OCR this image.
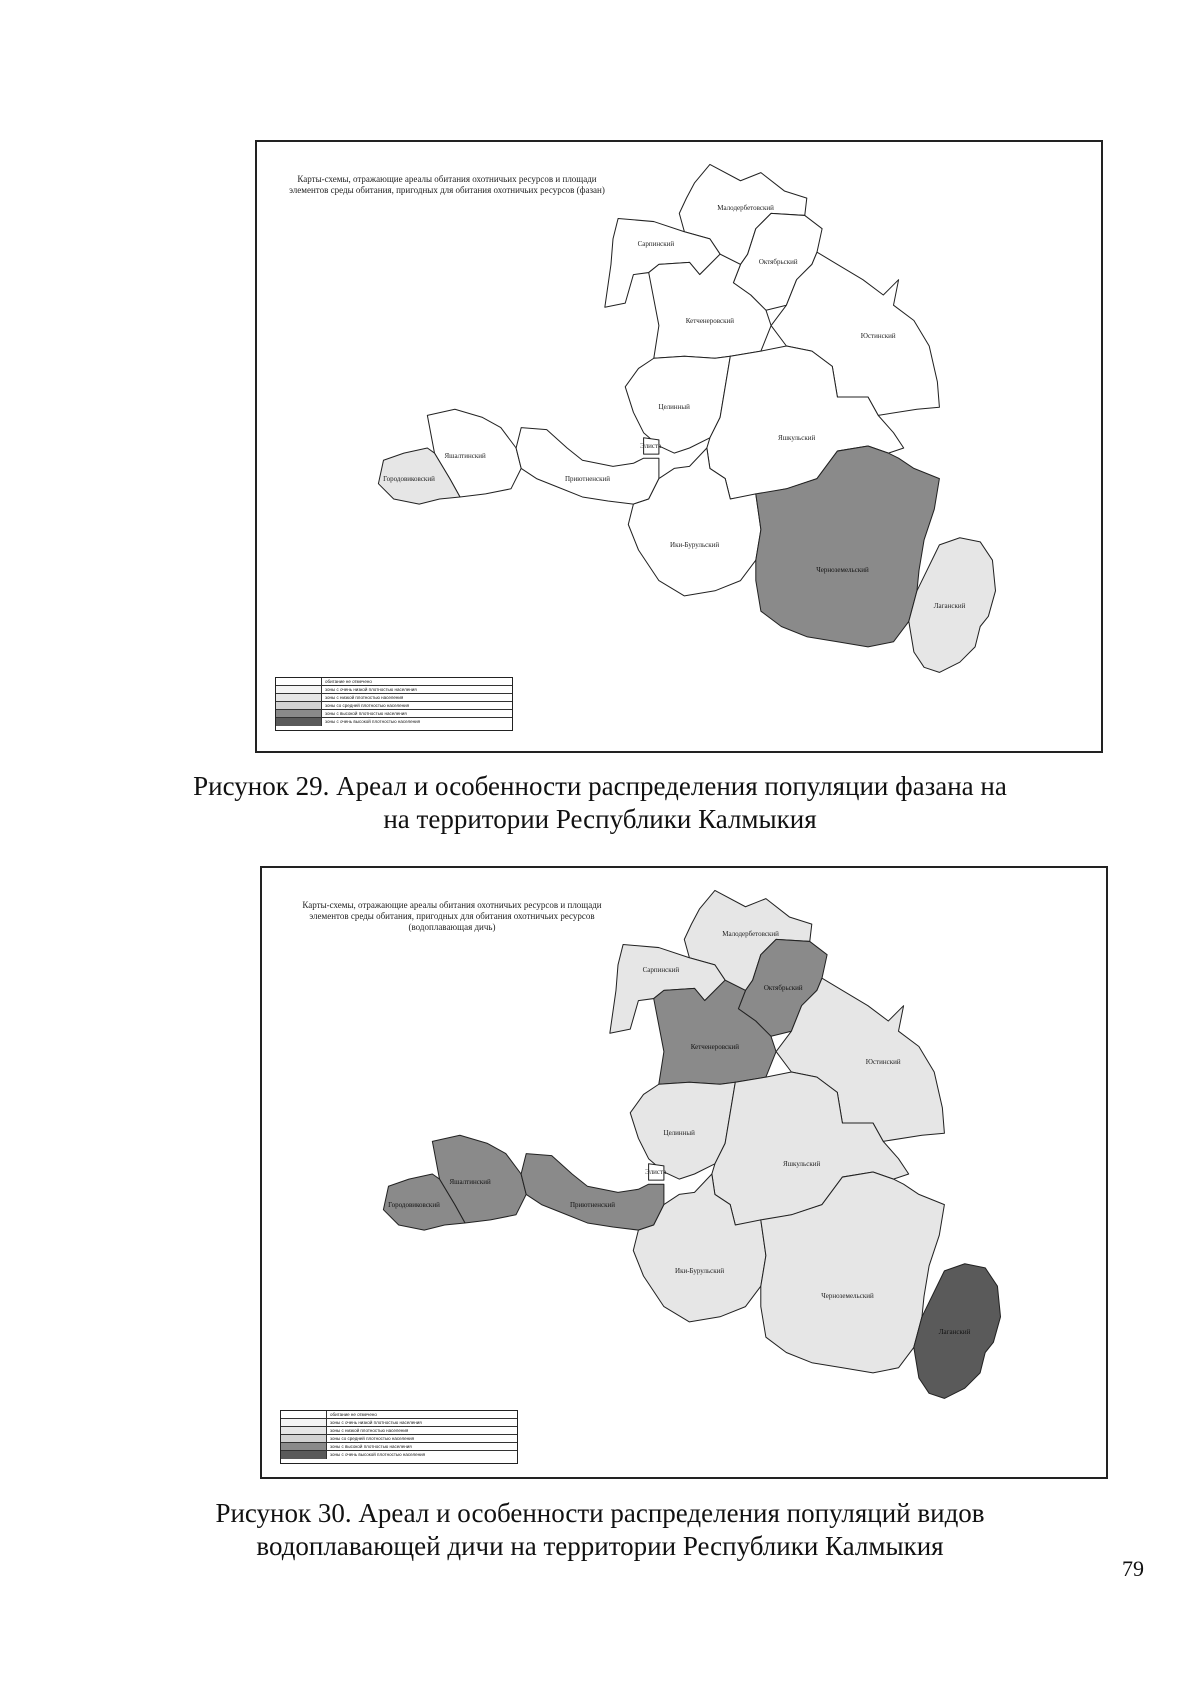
Карты-схемы, отражающие ареалы обитания охотничьих ресурсов и площади элементов среды обитания, пригодных для обитания охотничьих ресурсов (фазан)
обитание не отмечено
зоны с очень низкой плотностью населения
зоны с низкой плотностью населения
зоны со средней плотностью населения
зоны с высокой плотностью населения
зоны с очень высокой плотностью населения
Малодербетовский
Сарпинский
Октябрьский
Кетченеровский
Юстинский
Целинный
Яшкульский
Элиста
Яшалтинский
Городовиковский	Приютненский
Ики-Бурульский
Черноземельский
Лаганский
Рисунок 29. Ареал и особенности распределения популяции фазана на
на территории Республики Калмыкия
Карты-схемы, отражающие ареалы обитания охотничьих ресурсов и площади элементов среды обитания, пригодных для обитания охотничьих ресурсов (водоплавающая дичь)
обитание не отмечено
зоны с очень низкой плотностью населения
зоны с низкой плотностью населения
зоны со средней плотностью населения
зоны с высокой плотностью населения
зоны с очень высокой плотностью населения
Малодербетовский
Сарпинский
Октябрьский
Кетченеровский
Юстинский
Целинный
Яшкульский
Элиста
Яшалтинский
Городовиковский	Приютненский
Ики-Бурульский
Черноземельский
Лаганский
Рисунок 30. Ареал и особенности распределения популяций видов
водоплавающей дичи на территории Республики Калмыкия
79
